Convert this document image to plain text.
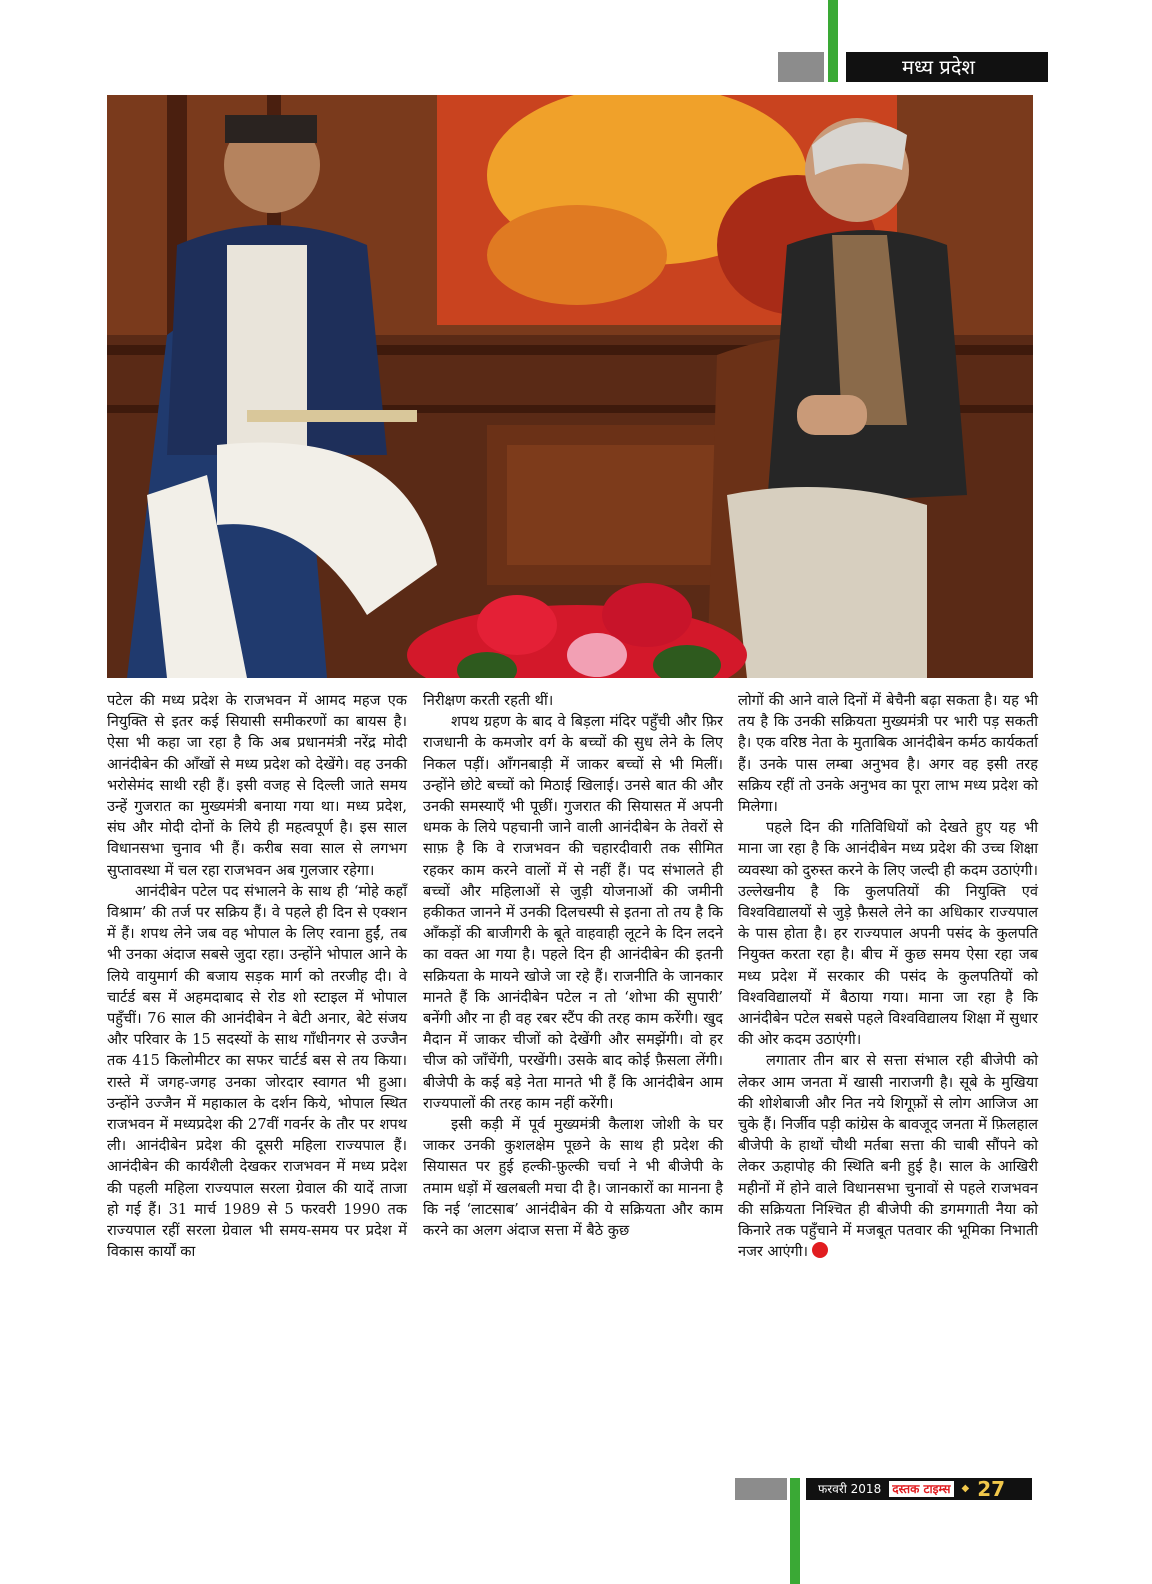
मध्य प्रदेश

पटेल की मध्य प्रदेश के राजभवन में आमद महज एक नियुक्ति से इतर कई सियासी समीकरणों का बायस है। ऐसा भी कहा जा रहा है कि अब प्रधानमंत्री नरेंद्र मोदी आनंदीबेन की आँखों से मध्य प्रदेश को देखेंगे। वह उनकी भरोसेमंद साथी रही हैं। इसी वजह से दिल्ली जाते समय उन्हें गुजरात का मुख्यमंत्री बनाया गया था। मध्य प्रदेश, संघ और मोदी दोनों के लिये ही महत्वपूर्ण है। इस साल विधानसभा चुनाव भी हैं। करीब सवा साल से लगभग सुप्तावस्था में चल रहा राजभवन अब गुलजार रहेगा।

आनंदीबेन पटेल पद संभालने के साथ ही ‘मोहे कहाँ विश्राम’ की तर्ज पर सक्रिय हैं। वे पहले ही दिन से एक्शन में हैं। शपथ लेने जब वह भोपाल के लिए रवाना हुईं, तब भी उनका अंदाज सबसे जुदा रहा। उन्होंने भोपाल आने के लिये वायुमार्ग की बजाय सड़क मार्ग को तरजीह दी। वे चार्टर्ड बस में अहमदाबाद से रोड शो स्टाइल में भोपाल पहुँचीं। 76 साल की आनंदीबेन ने बेटी अनार, बेटे संजय और परिवार के 15 सदस्यों के साथ गाँधीनगर से उज्जैन तक 415 किलोमीटर का सफर चार्टर्ड बस से तय किया। रास्ते में जगह-जगह उनका जोरदार स्वागत भी हुआ। उन्होंने उज्जैन में महाकाल के दर्शन किये, भोपाल स्थित राजभवन में मध्यप्रदेश की 27वीं गवर्नर के तौर पर शपथ ली। आनंदीबेन प्रदेश की दूसरी महिला राज्यपाल हैं। आनंदीबेन की कार्यशैली देखकर राजभवन में मध्य प्रदेश की पहली महिला राज्यपाल सरला ग्रेवाल की यादें ताजा हो गई हैं। 31 मार्च 1989 से 5 फरवरी 1990 तक राज्यपाल रहीं सरला ग्रेवाल भी समय-समय पर प्रदेश में विकास कार्यों का

निरीक्षण करती रहती थीं।

शपथ ग्रहण के बाद वे बिड़ला मंदिर पहुँची और फ़िर राजधानी के कमजोर वर्ग के बच्चों की सुध लेने के लिए निकल पड़ीं। आँगनबाड़ी में जाकर बच्चों से भी मिलीं। उन्होंने छोटे बच्चों को मिठाई खिलाई। उनसे बात की और उनकी समस्याएँ भी पूछीं। गुजरात की सियासत में अपनी धमक के लिये पहचानी जाने वाली आनंदीबेन के तेवरों से साफ़ है कि वे राजभवन की चहारदीवारी तक सीमित रहकर काम करने वालों में से नहीं हैं। पद संभालते ही बच्चों और महिलाओं से जुड़ी योजनाओं की जमीनी हकीकत जानने में उनकी दिलचस्पी से इतना तो तय है कि आँकड़ों की बाजीगरी के बूते वाहवाही लूटने के दिन लदने का वक्त आ गया है। पहले दिन ही आनंदीबेन की इतनी सक्रियता के मायने खोजे जा रहे हैं। राजनीति के जानकार मानते हैं कि आनंदीबेन पटेल न तो ‘शोभा की सुपारी’ बनेंगी और ना ही वह रबर स्टैंप की तरह काम करेंगी। खुद मैदान में जाकर चीजों को देखेंगी और समझेंगी। वो हर चीज को जाँचेंगी, परखेंगी। उसके बाद कोई फ़ैसला लेंगी। बीजेपी के कई बड़े नेता मानते भी हैं कि आनंदीबेन आम राज्यपालों की तरह काम नहीं करेंगी।

इसी कड़ी में पूर्व मुख्यमंत्री कैलाश जोशी के घर जाकर उनकी कुशलक्षेम पूछने के साथ ही प्रदेश की सियासत पर हुई हल्की-फ़ुल्की चर्चा ने भी बीजेपी के तमाम धड़ों में खलबली मचा दी है। जानकारों का मानना है कि नई ‘लाटसाब’ आनंदीबेन की ये सक्रियता और काम करने का अलग अंदाज सत्ता में बैठे कुछ

लोगों की आने वाले दिनों में बेचैनी बढ़ा सकता है। यह भी तय है कि उनकी सक्रियता मुख्यमंत्री पर भारी पड़ सकती है। एक वरिष्ठ नेता के मुताबिक आनंदीबेन कर्मठ कार्यकर्ता हैं। उनके पास लम्बा अनुभव है। अगर वह इसी तरह सक्रिय रहीं तो उनके अनुभव का पूरा लाभ मध्य प्रदेश को मिलेगा।

पहले दिन की गतिविधियों को देखते हुए यह भी माना जा रहा है कि आनंदीबेन मध्य प्रदेश की उच्च शिक्षा व्यवस्था को दुरुस्त करने के लिए जल्दी ही कदम उठाएंगी। उल्लेखनीय है कि कुलपतियों की नियुक्ति एवं विश्वविद्यालयों से जुड़े फ़ैसले लेने का अधिकार राज्यपाल के पास होता है। हर राज्यपाल अपनी पसंद के कुलपति नियुक्त करता रहा है। बीच में कुछ समय ऐसा रहा जब मध्य प्रदेश में सरकार की पसंद के कुलपतियों को विश्वविद्यालयों में बैठाया गया। माना जा रहा है कि आनंदीबेन पटेल सबसे पहले विश्वविद्यालय शिक्षा में सुधार की ओर कदम उठाएंगी।

लगातार तीन बार से सत्ता संभाल रही बीजेपी को लेकर आम जनता में खासी नाराजगी है। सूबे के मुखिया की शोशेबाजी और नित नये शिगूफ़ों से लोग आजिज आ चुके हैं। निर्जीव पड़ी कांग्रेस के बावजूद जनता में फ़िलहाल बीजेपी के हाथों चौथी मर्तबा सत्ता की चाबी सौंपने को लेकर ऊहापोह की स्थिति बनी हुई है। साल के आखिरी महीनों में होने वाले विधानसभा चुनावों से पहले राजभवन की सक्रियता निश्चित ही बीजेपी की डगमगाती नैया को किनारे तक पहुँचाने में मजबूत पतवार की भूमिका निभाती नजर आएंगी।

फरवरी 2018 दस्तक टाइम्स	◆ 27
